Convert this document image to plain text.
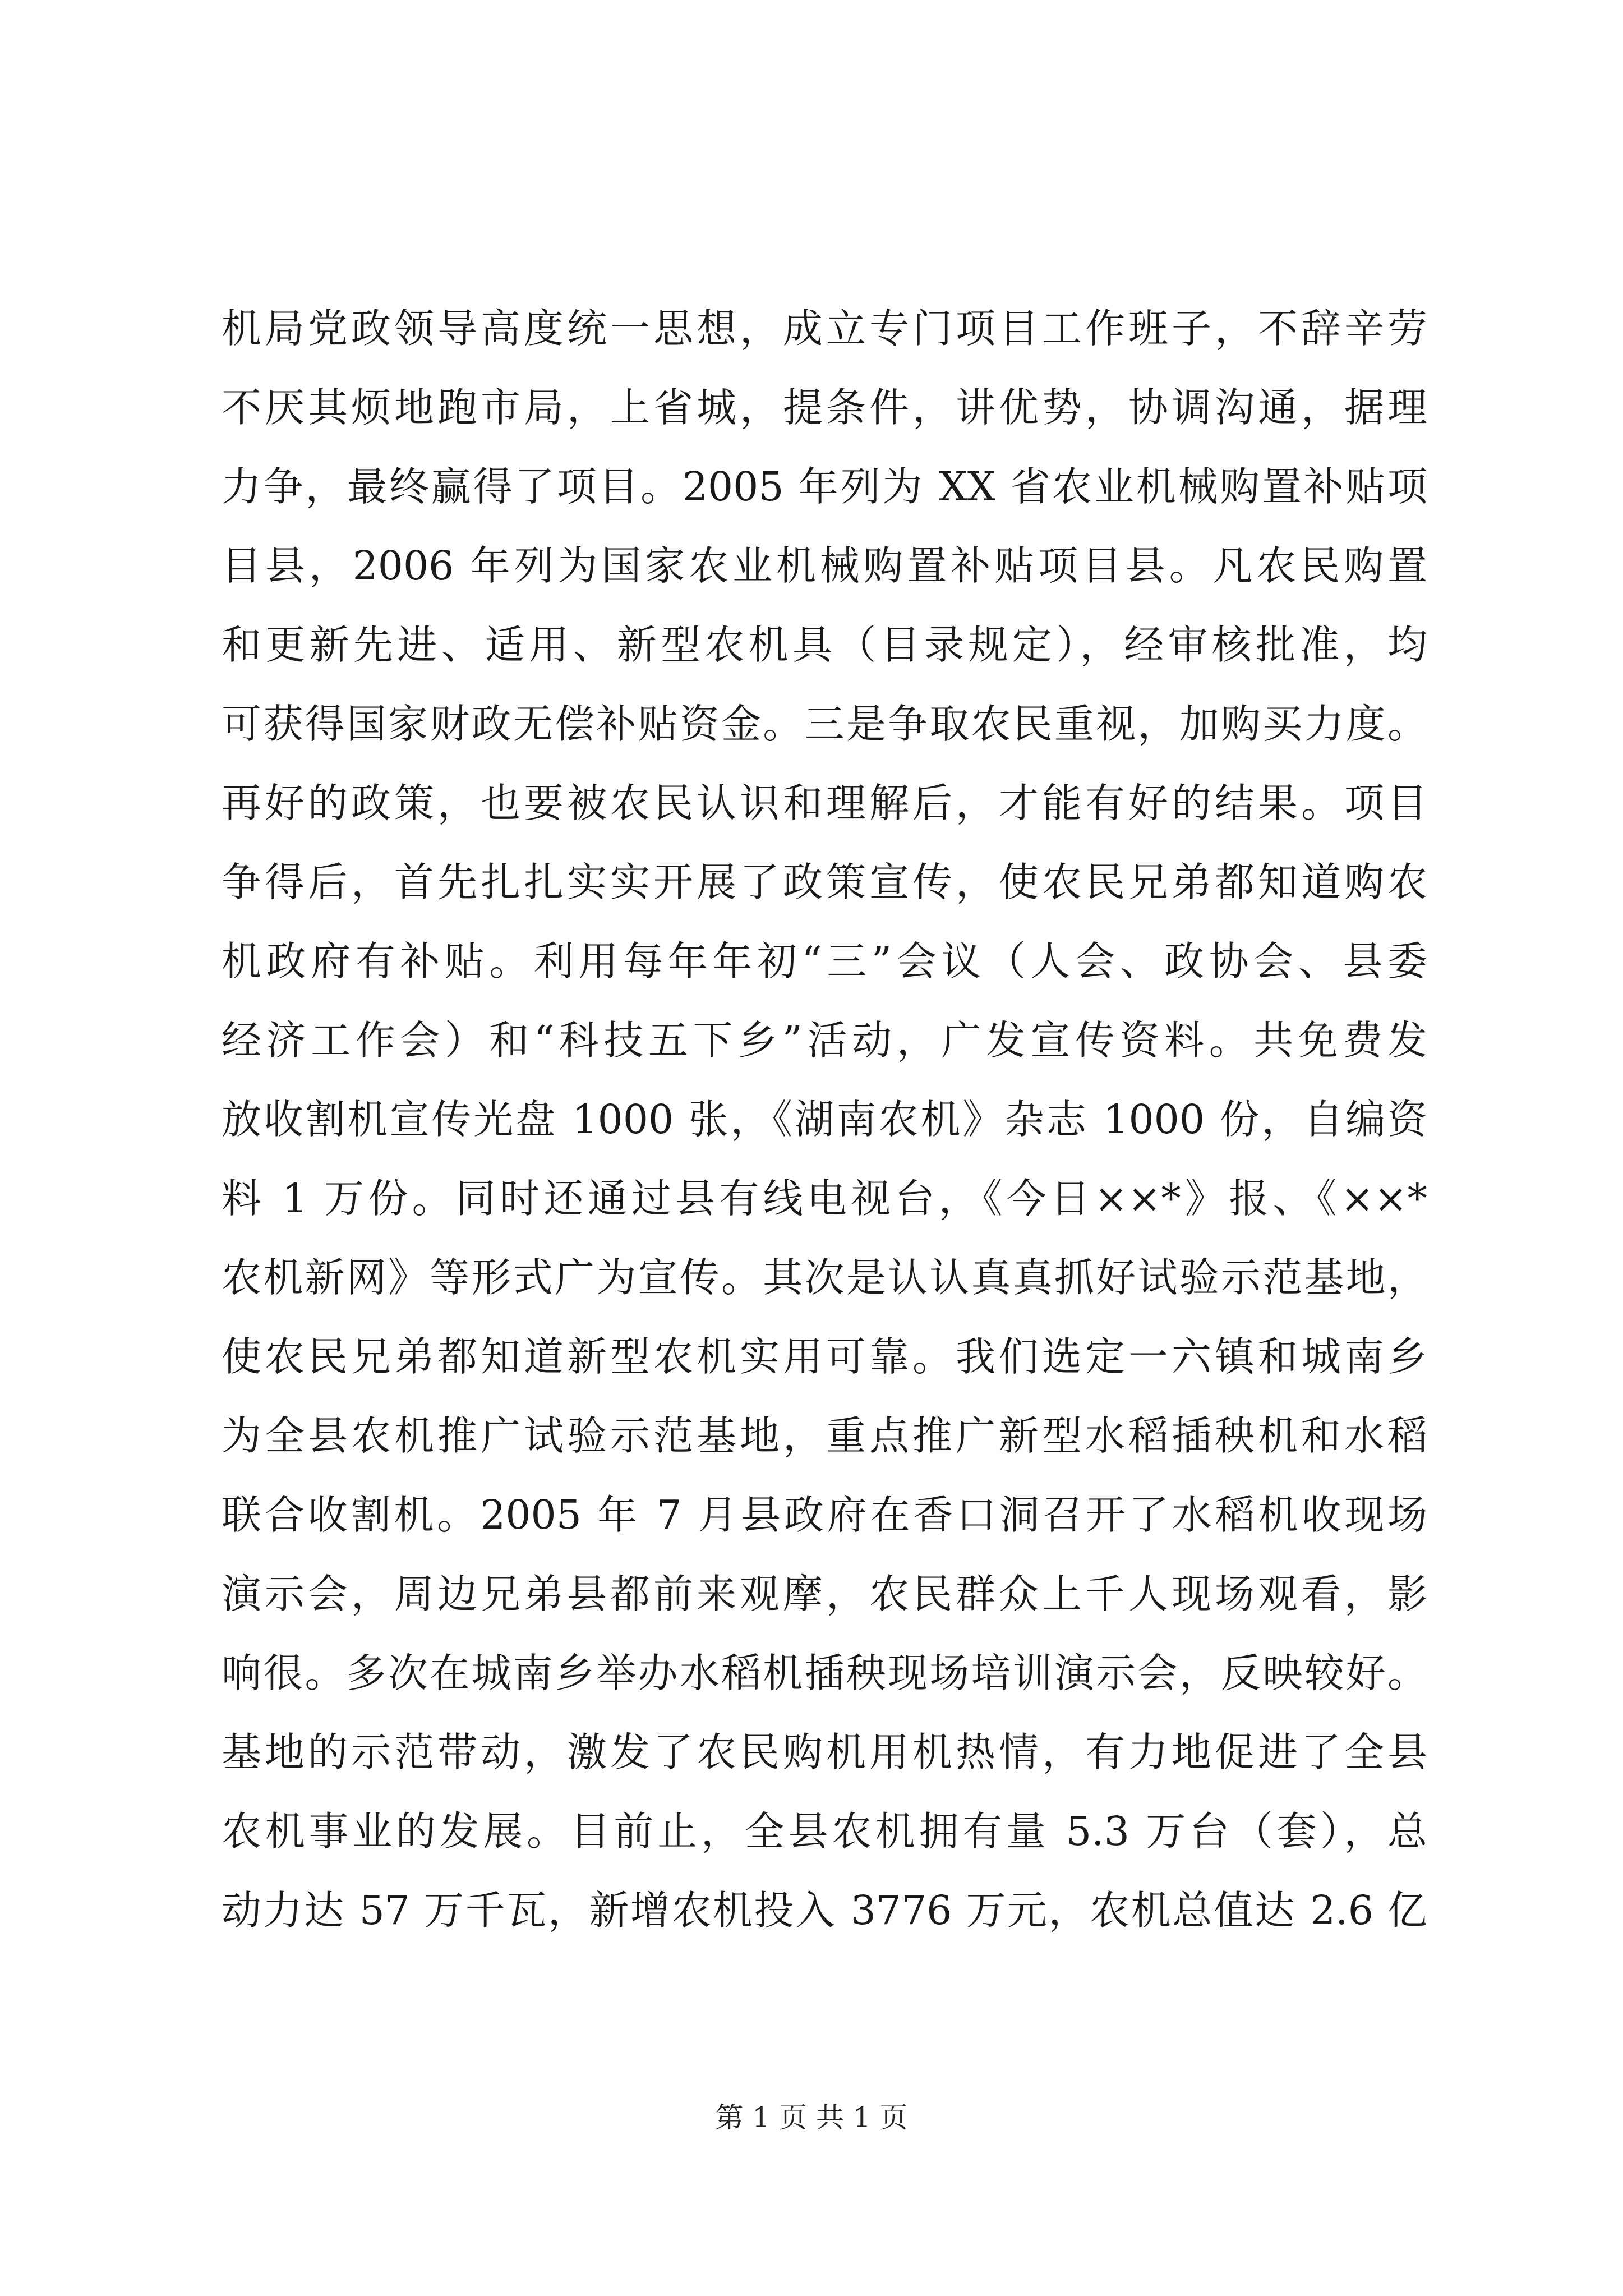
机局党政领导高度统一思想，成立专门项目工作班子，不辞辛劳
不厌其烦地跑市局，上省城，提条件，讲优势，协调沟通，据理
力争，最终赢得了项目。2005 年列为 XX 省农业机械购置补贴项
目县，2006 年列为国家农业机械购置补贴项目县。凡农民购置
和更新先进、适用、新型农机具（目录规定），经审核批准，均
可获得国家财政无偿补贴资金。三是争取农民重视，加购买力度。
再好的政策，也要被农民认识和理解后，才能有好的结果。项目
争得后，首先扎扎实实开展了政策宣传，使农民兄弟都知道购农
机政府有补贴。利用每年年初“三”会议（人会、政协会、县委
经济工作会）和“科技五下乡”活动，广发宣传资料。共免费发
放收割机宣传光盘 1000 张，《湖南农机》杂志 1000 份，自编资
料 1 万份。同时还通过县有线电视台，《今日××*》报、《××*
农机新网》等形式广为宣传。其次是认认真真抓好试验示范基地，
使农民兄弟都知道新型农机实用可靠。我们选定一六镇和城南乡
为全县农机推广试验示范基地，重点推广新型水稻插秧机和水稻
联合收割机。2005 年 7 月县政府在香口洞召开了水稻机收现场
演示会，周边兄弟县都前来观摩，农民群众上千人现场观看，影
响很。多次在城南乡举办水稻机插秧现场培训演示会，反映较好。
基地的示范带动，激发了农民购机用机热情，有力地促进了全县
农机事业的发展。目前止，全县农机拥有量 5.3 万台（套），总
动力达 57 万千瓦，新增农机投入 3776 万元，农机总值达 2.6 亿
第 1 页 共 1 页
